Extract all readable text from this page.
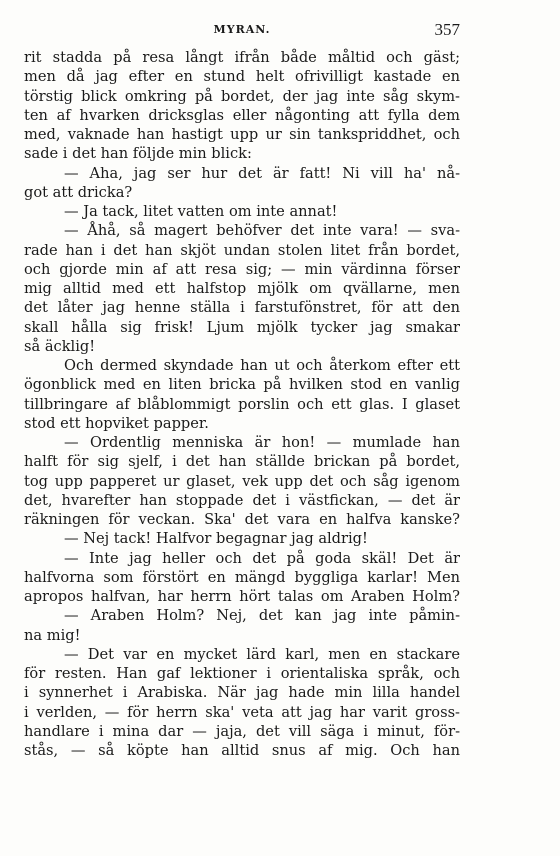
MYRAN.	357
rit stadda på resa långt ifrån både måltid och gäst;
men då jag efter en stund helt ofrivilligt kastade en
törstig blick omkring på bordet, der jag inte såg skym-
ten af hvarken dricksglas eller någonting att fylla dem
med, vaknade han hastigt upp ur sin tankspriddhet, och
sade i det han följde min blick:
— Aha, jag ser hur det är fatt! Ni vill ha' nå-
got att dricka?
— Ja tack, litet vatten om inte annat!
— Åhå, så magert behöfver det inte vara! — sva-
rade han i det han skjöt undan stolen litet från bordet,
och gjorde min af att resa sig; — min värdinna förser
mig alltid med ett halfstop mjölk om qvällarne, men
det låter jag henne ställa i farstufönstret, för att den
skall hålla sig frisk! Ljum mjölk tycker jag smakar
så äcklig!
Och dermed skyndade han ut och återkom efter ett
ögonblick med en liten bricka på hvilken stod en vanlig
tillbringare af blåblommigt porslin och ett glas. I glaset
stod ett hopviket papper.
— Ordentlig menniska är hon! — mumlade han
halft för sig sjelf, i det han ställde brickan på bordet,
tog upp papperet ur glaset, vek upp det och såg igenom
det, hvarefter han stoppade det i västfickan, — det är
räkningen för veckan. Ska' det vara en halfva kanske?
— Nej tack! Halfvor begagnar jag aldrig!
— Inte jag heller och det på goda skäl! Det är
halfvorna som förstört en mängd byggliga karlar! Men
apropos halfvan, har herrn hört talas om Araben Holm?
— Araben Holm? Nej, det kan jag inte påmin-
na mig!
— Det var en mycket lärd karl, men en stackare
för resten. Han gaf lektioner i orientaliska språk, och
i synnerhet i Arabiska. När jag hade min lilla handel
i verlden, — för herrn ska' veta att jag har varit gross-
handlare i mina dar — jaja, det vill säga i minut, för-
stås, — så köpte han alltid snus af mig. Och han
